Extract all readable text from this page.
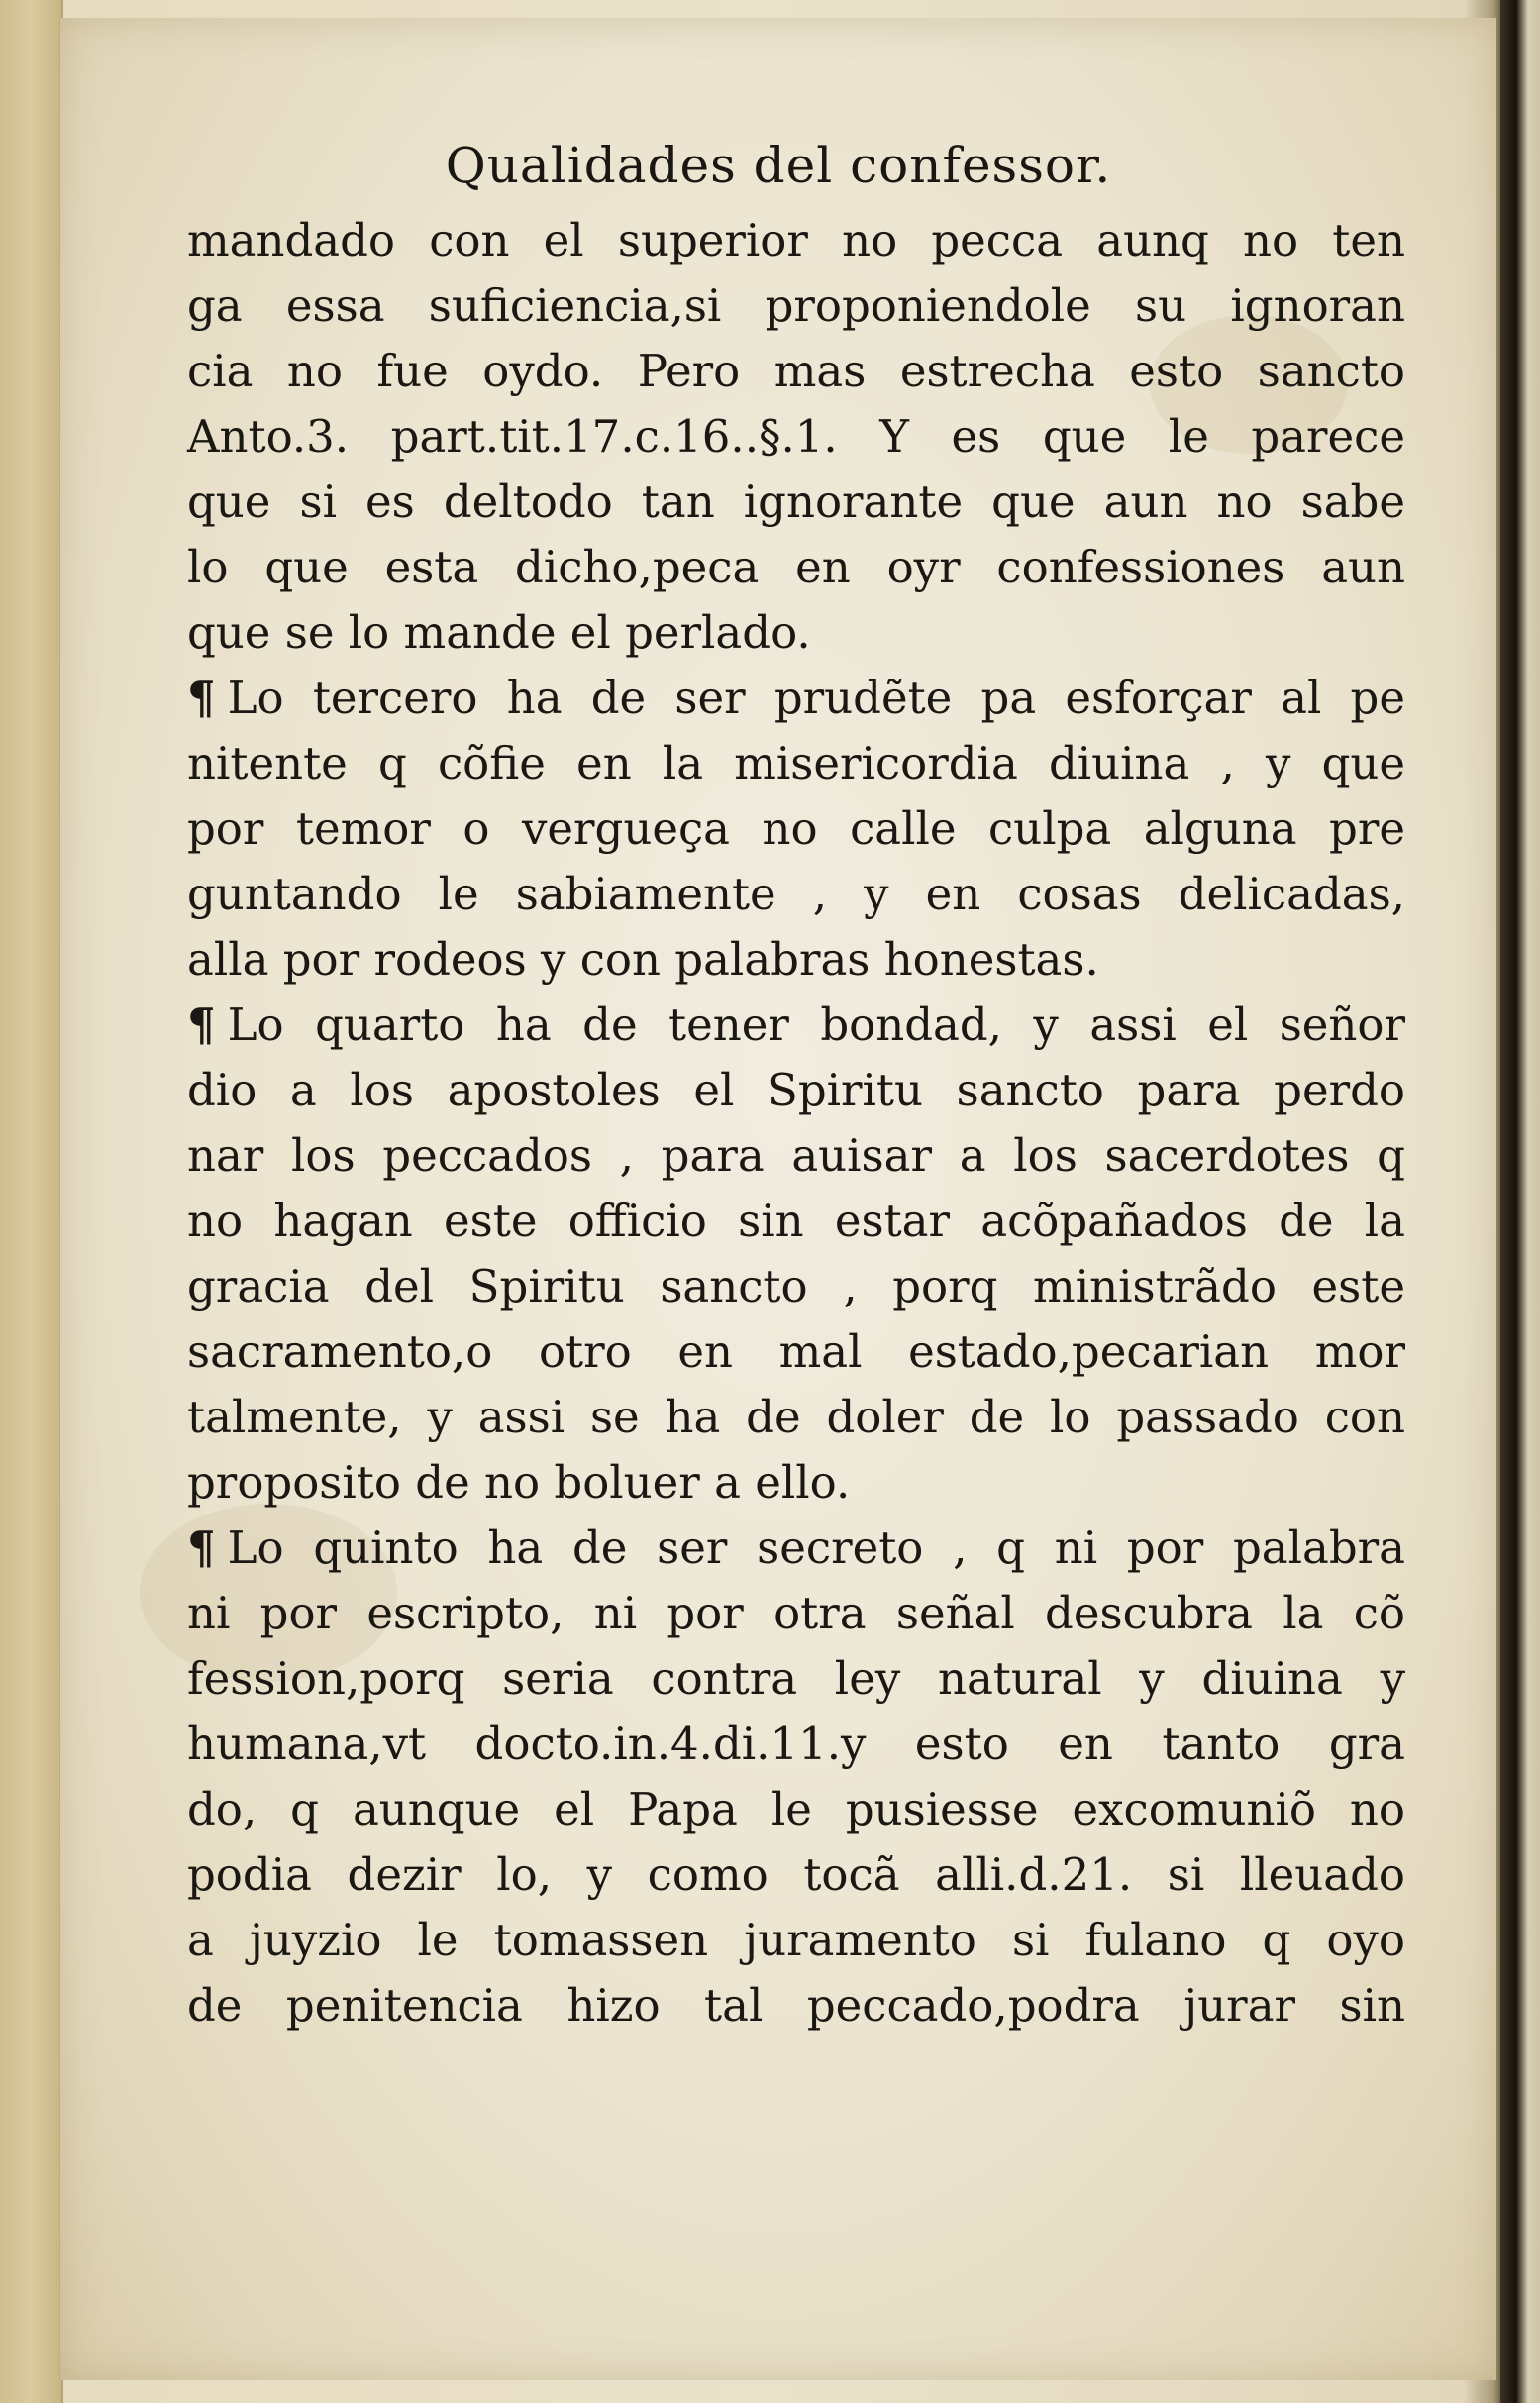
Qualidades del confessor.
mandado con el superior no pecca aunq no ten
ga essa suficiencia,si proponiendole su ignoran
cia no fue oydo. Pero mas estrecha esto sancto
Anto.3. part.tit.17.c.16..§.1. Y es que le parece
que si es deltodo tan ignorante que aun no sabe
lo que esta dicho,peca en oyr confessiones aun
que se lo mande el perlado.
¶ Lo tercero ha de ser prudẽte pa esforçar al pe
nitente q cõfie en la misericordia diuina , y que
por temor o vergueça no calle culpa alguna pre
guntando le sabiamente , y en cosas delicadas,
alla por rodeos y con palabras honestas.
¶ Lo quarto ha de tener bondad, y assi el señor
dio a los apostoles el Spiritu sancto para perdo
nar los peccados , para auisar a los sacerdotes q
no hagan este officio sin estar acõpañados de la
gracia del Spiritu sancto , porq ministrãdo este
sacramento,o otro en mal estado,pecarian mor
talmente, y assi se ha de doler de lo passado con
proposito de no boluer a ello.
¶ Lo quinto ha de ser secreto , q ni por palabra
ni por escripto, ni por otra señal descubra la cõ
fession,porq seria contra ley natural y diuina y
humana,vt docto.in.4.di.11.y esto en tanto gra
do, q aunque el Papa le pusiesse excomuniõ no
podia dezir lo, y como tocã alli.d.21. si lleuado
a juyzio le tomassen juramento si fulano q oyo
de penitencia hizo tal peccado,podra jurar sin
